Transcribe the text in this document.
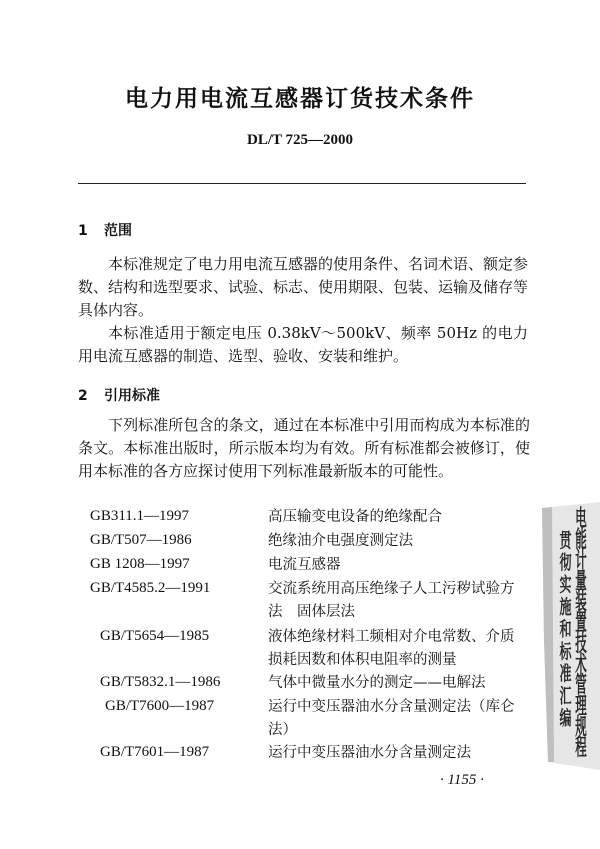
电力用电流互感器订货技术条件
DL/T 725—2000
1 范围

本标准规定了电力用电流互感器的使用条件、名词术语、额定参数、结构和选型要求、试验、标志、使用期限、包装、运输及储存等具体内容。

本标准适用于额定电压 0.38kV～500kV、频率 50Hz 的电力用电流互感器的制造、选型、验收、安装和维护。

2 引用标准

下列标准所包含的条文，通过在本标准中引用而构成为本标准的条文。本标准出版时，所示版本均为有效。所有标准都会被修订，使用本标准的各方应探讨使用下列标准最新版本的可能性。

GB311.1—1997	高压输变电设备的绝缘配合
GB/T507—1986	绝缘油介电强度测定法
GB 1208—1997	电流互感器
GB/T4585.2—1991	交流系统用高压绝缘子人工污秽试验方法　固体层法
GB/T5654—1985	液体绝缘材料工频相对介电常数、介质损耗因数和体积电阻率的测量
GB/T5832.1—1986	气体中微量水分的测定——电解法
GB/T7600—1987	运行中变压器油水分含量测定法（库仑法）
GB/T7601—1987	运行中变压器油水分含量测定法
· 1155 ·
电能计量装置技术管理规程
贯彻实施和标准汇编
